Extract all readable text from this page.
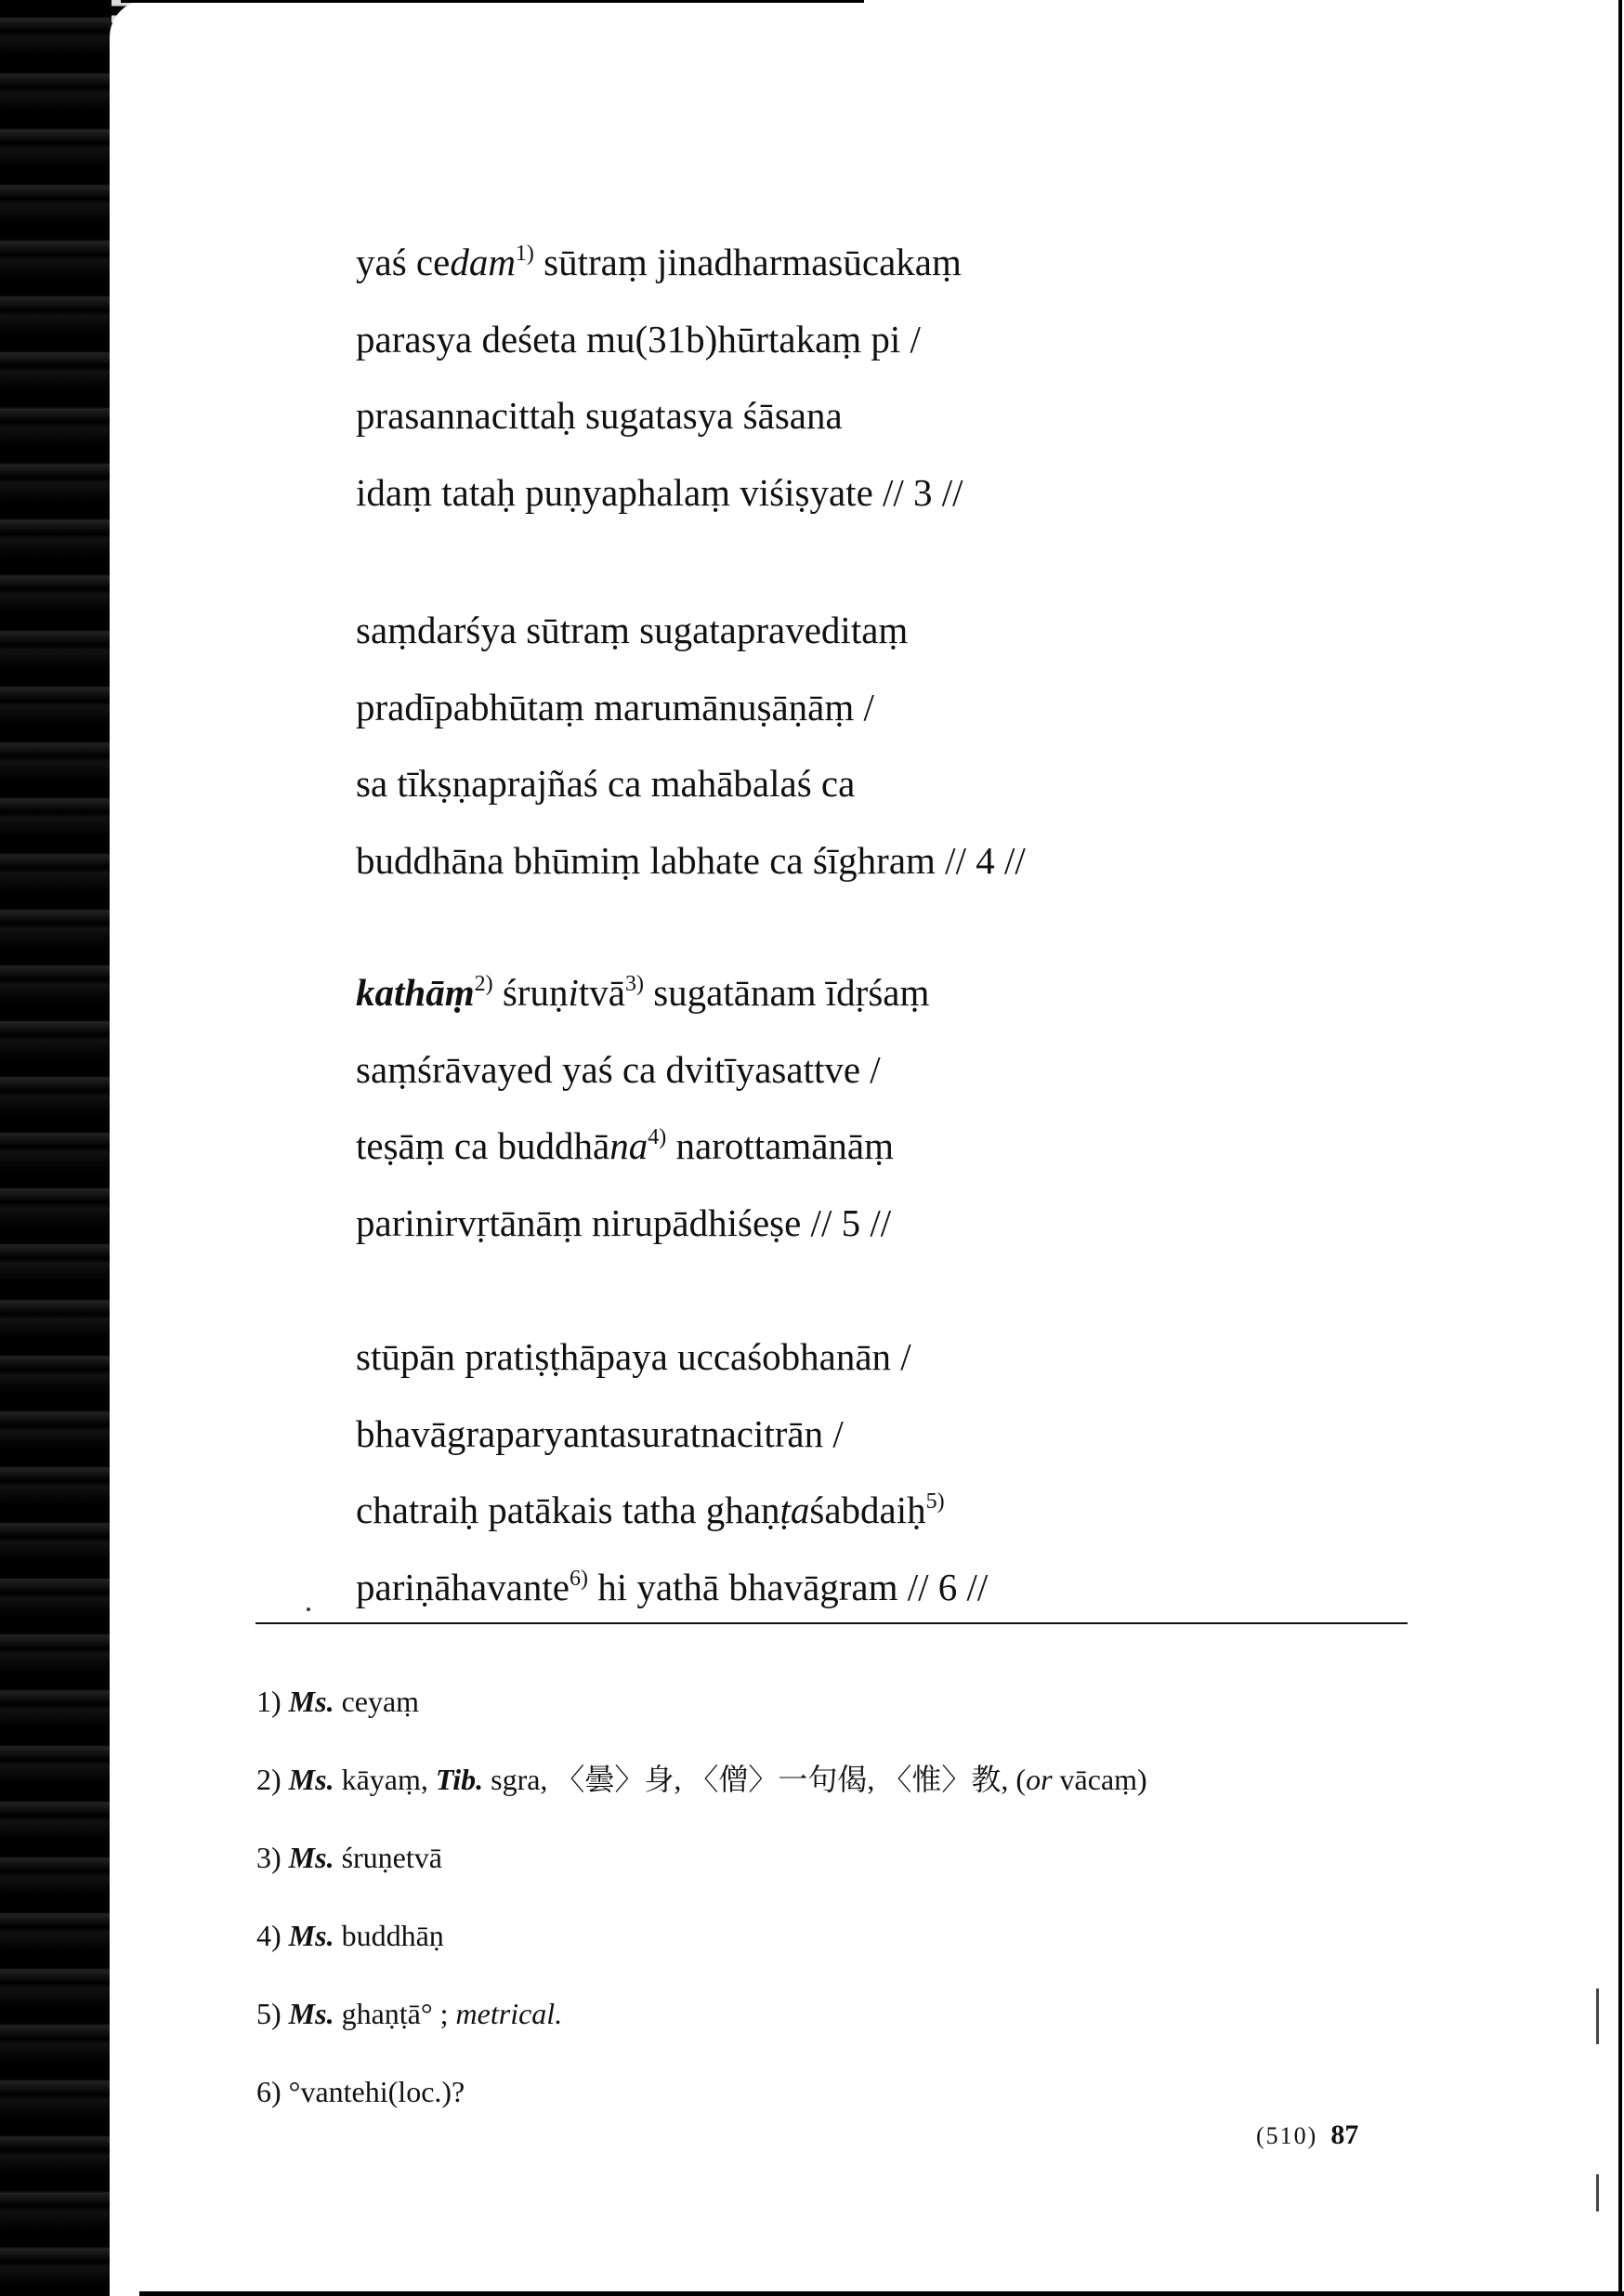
yaś cedam$^{1)}$ sūtraṃ jinadharmasūcakaṃ
parasya deśeta mu(31b)hūrtakaṃ pi /
prasannacittaḥ sugatasya śāsana
idaṃ tataḥ puṇyaphalaṃ viśiṣyate // 3 //
saṃdarśya sūtraṃ sugatapraveditaṃ
pradīpabhūtaṃ marumānuṣāṇāṃ /
sa tīkṣṇaprajñaś ca mahābalaś ca
buddhāna bhūmiṃ labhate ca śīghram // 4 //
kathāṃ$^{2)}$ śruṇitvā$^{3)}$ sugatānam īdṛśaṃ
saṃśrāvayed yaś ca dvitīyasattve /
teṣāṃ ca buddhāna$^{4)}$ narottamānāṃ
parinirvṛtānāṃ nirupādhiśeṣe // 5 //
stūpān pratiṣṭhāpaya uccaśobhanān /
bhavāgraparyantasuratnacitrān /
chatraiḥ patākais tatha ghaṇṭaśabdaiḥ$^{5)}$
pariṇāhavante$^{6)}$ hi yathā bhavāgram // 6 //
1) Ms. ceyaṃ
2) Ms. kāyaṃ, Tib. sgra, 〈曇〉身, 〈僧〉一句偈, 〈惟〉教, (or vācaṃ)
3) Ms. śruṇetvā
4) Ms. buddhāṇ
5) Ms. ghaṇṭā° ; metrical.
6) °vantehi(loc.)?
(510) 87
